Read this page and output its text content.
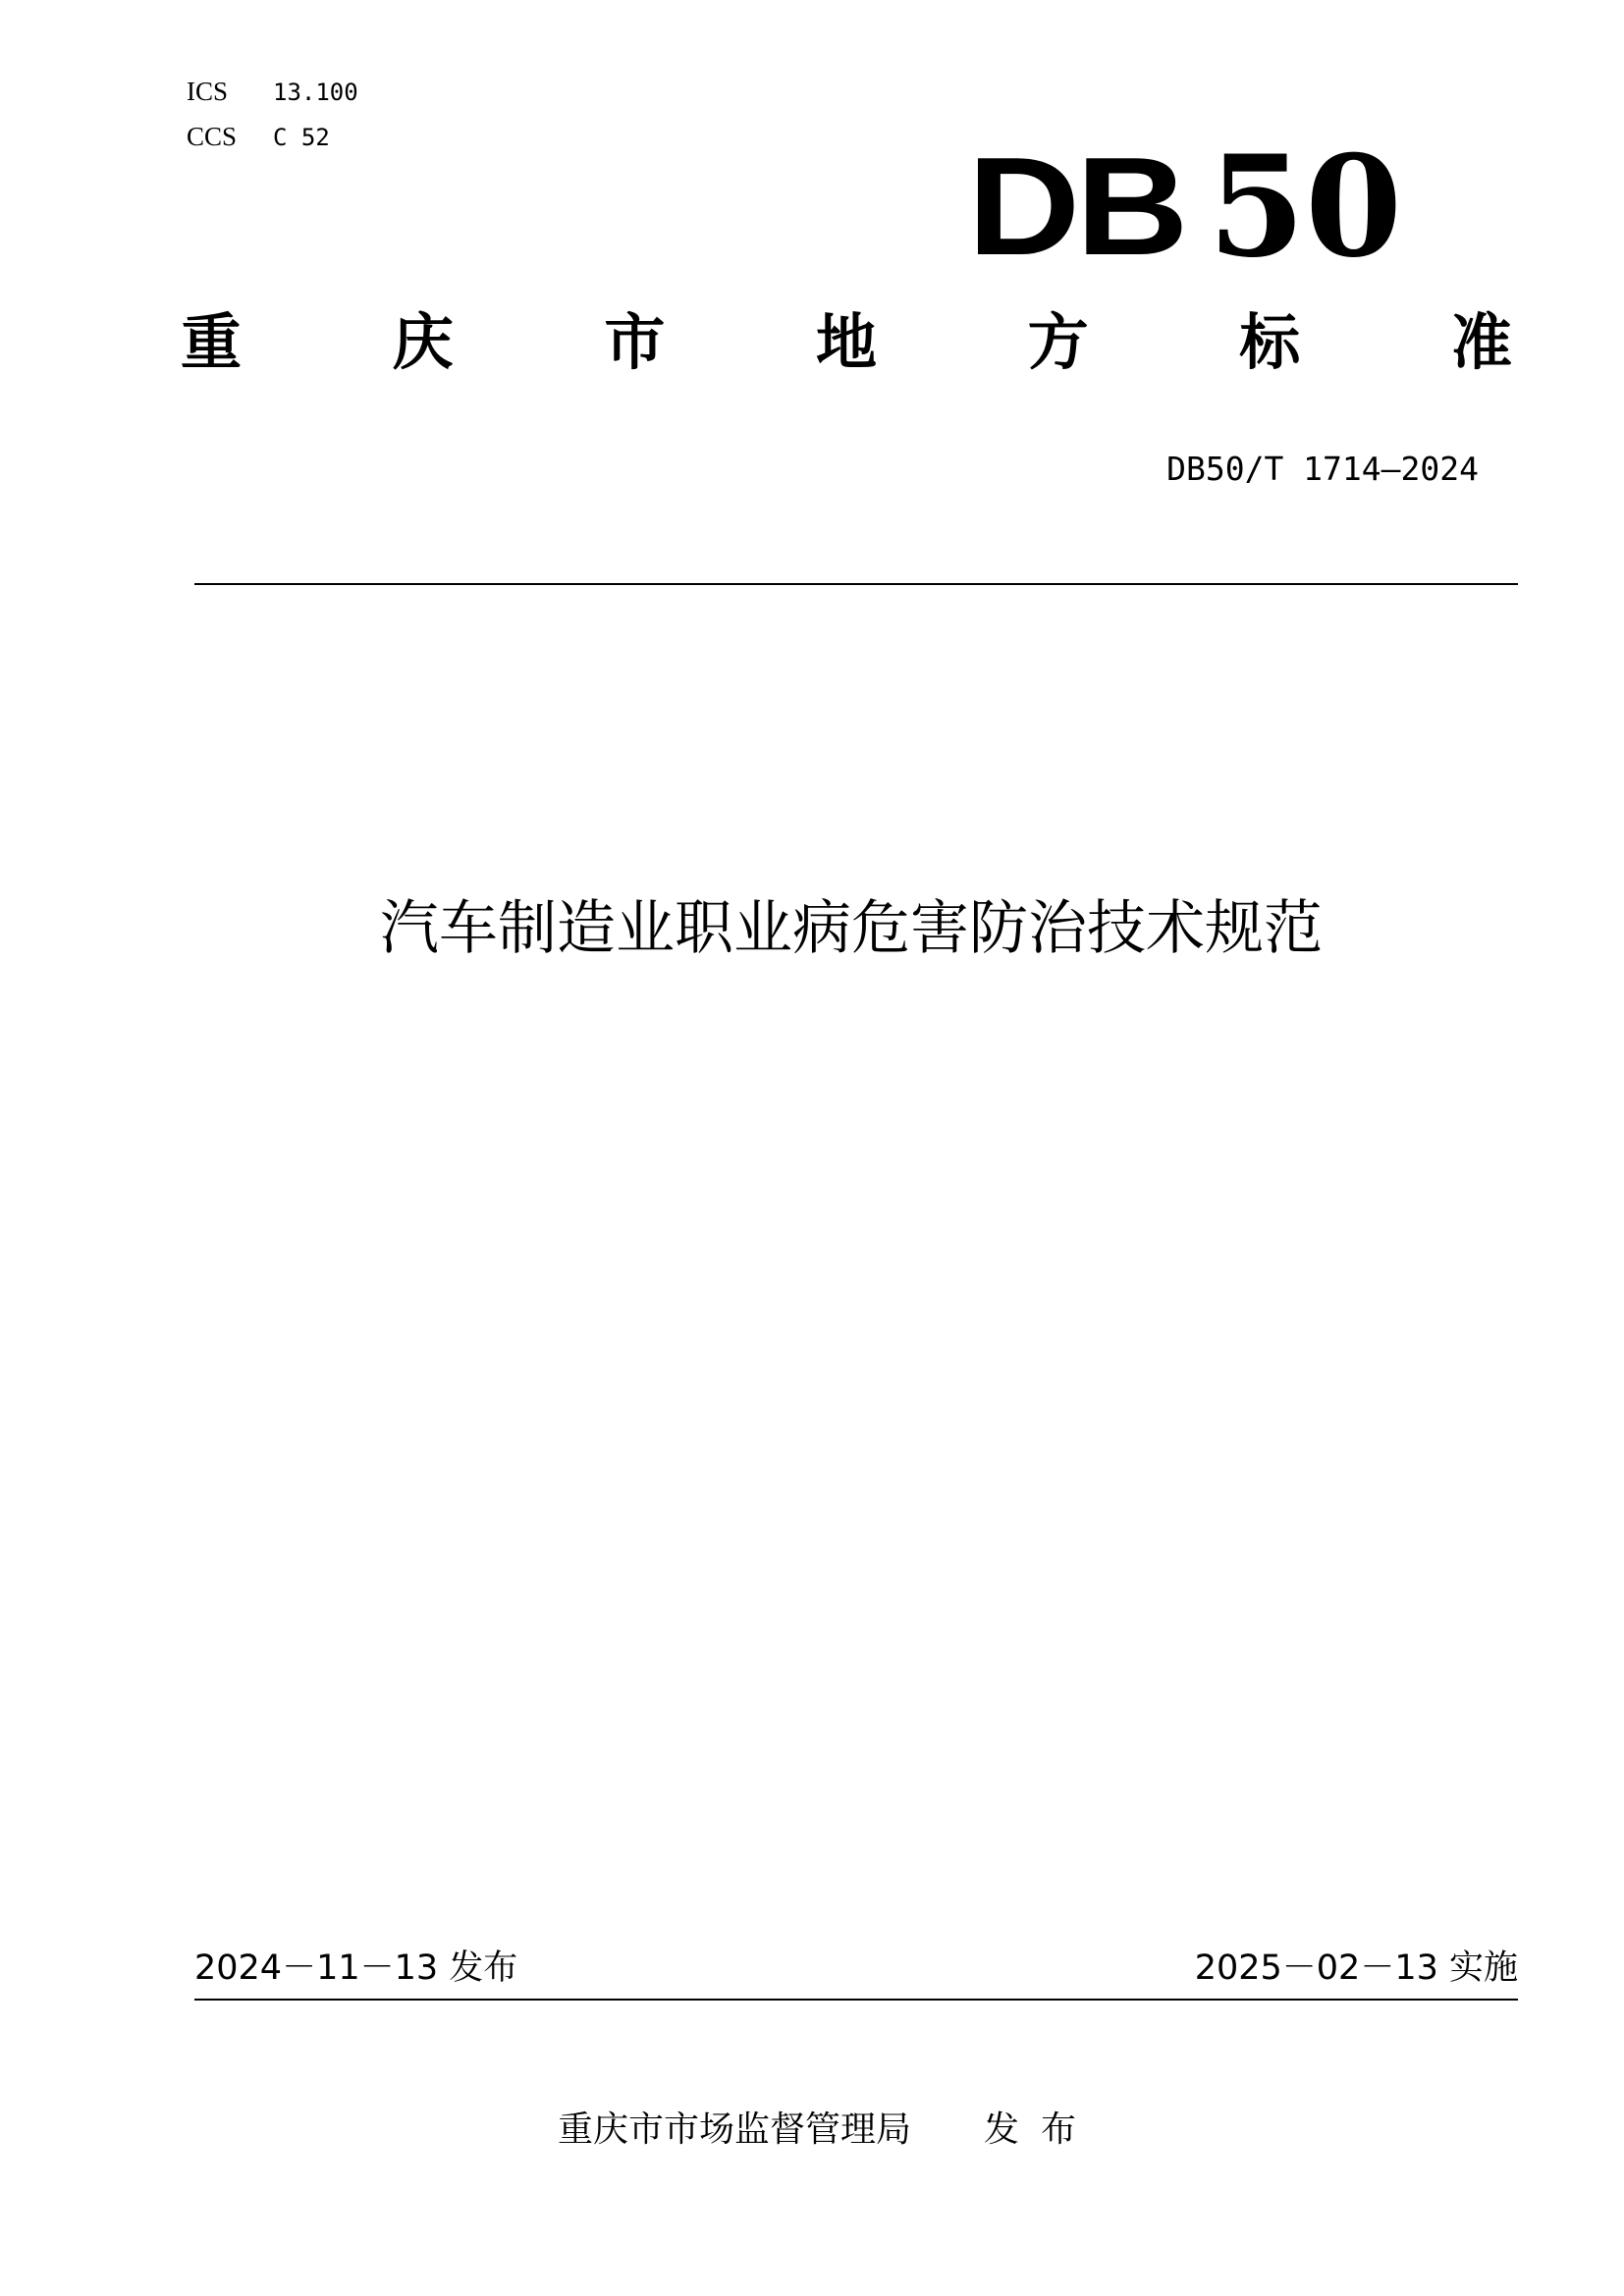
ICS	13.100
CCS	C 52	DB 50
重 庆 市 地 方 标 准
DB50/T 1714—2024
汽车制造业职业病危害防治技术规范
2024－11－13 发布	2025－02－13 实施
重庆市市场监督管理局 发布
